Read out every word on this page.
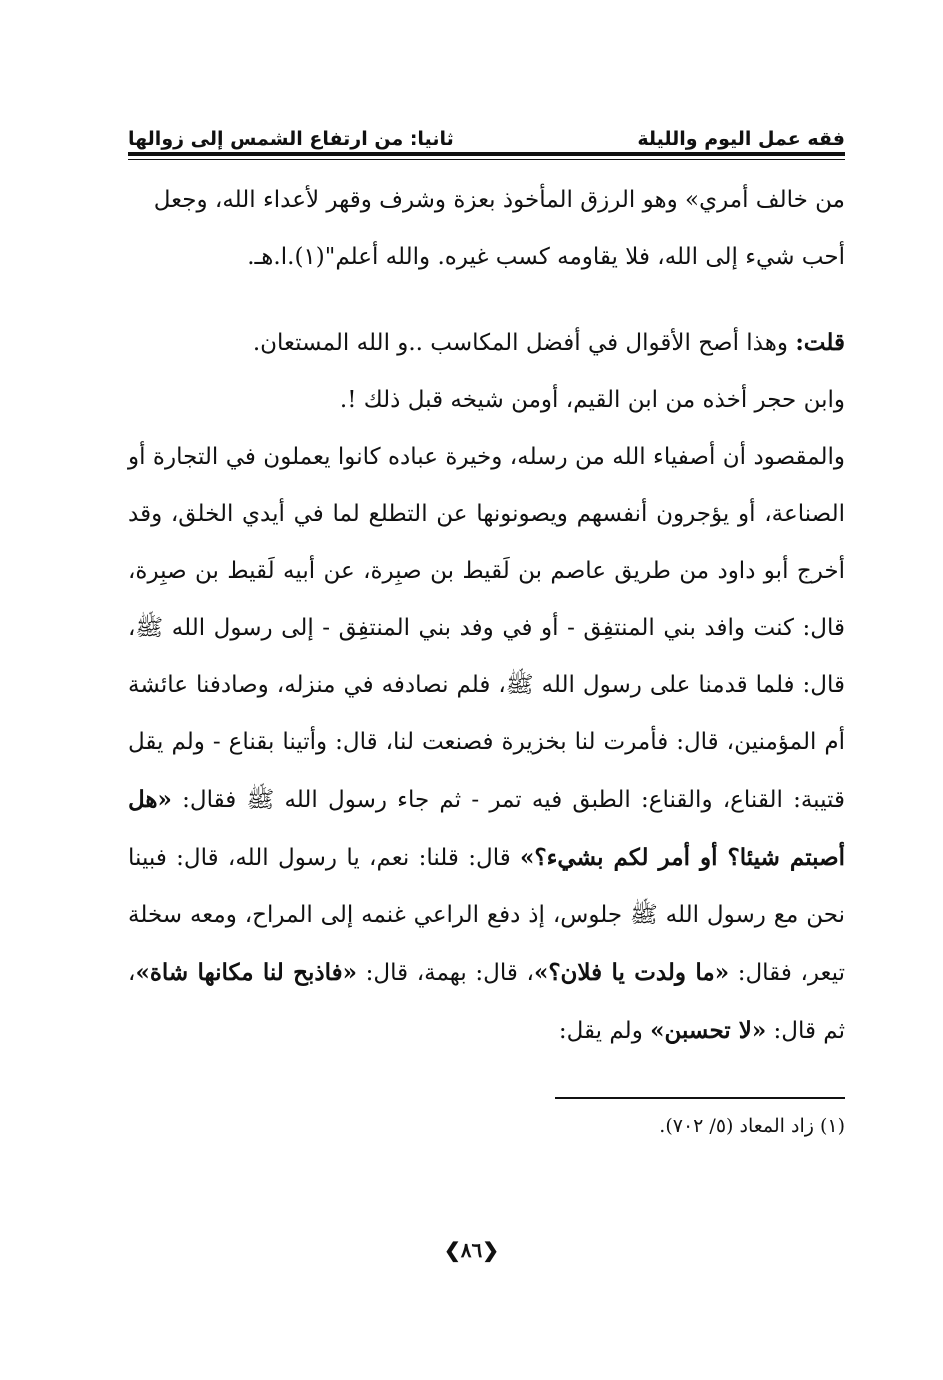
فقه عمل اليوم والليلة
ثانيا: من ارتفاع الشمس إلى زوالها

من خالف أمري» وهو الرزق المأخوذ بعزة وشرف وقهر لأعداء الله، وجعل

أحب شيء إلى الله، فلا يقاومه كسب غيره. والله أعلم"(١).ا.هـ.

قلت: وهذا أصح الأقوال في أفضل المكاسب ..و الله المستعان.

وابن حجر أخذه من ابن القيم، أومن شيخه قبل ذلك !.

والمقصود أن أصفياء الله من رسله، وخيرة عباده كانوا يعملون في التجارة أو الصناعة، أو يؤجرون أنفسهم ويصونونها عن التطلع لما في أيدي الخلق، وقد أخرج أبو داود من طريق عاصم بن لَقيط بن صبِرة، عن أبيه لَقيط بن صبِرة، قال: كنت وافد بني المنتفِق - أو في وفد بني المنتفِق - إلى رسول الله ﷺ، قال: فلما قدمنا على رسول الله ﷺ، فلم نصادفه في منزله، وصادفنا عائشة أم المؤمنين، قال: فأمرت لنا بخزيرة فصنعت لنا، قال: وأتينا بقناع - ولم يقل قتيبة: القناع، والقناع: الطبق فيه تمر - ثم جاء رسول الله ﷺ فقال: «هل أصبتم شيئا؟ أو أمر لكم بشيء؟» قال: قلنا: نعم، يا رسول الله، قال: فبينا نحن مع رسول الله ﷺ جلوس، إذ دفع الراعي غنمه إلى المراح، ومعه سخلة تيعر، فقال: «ما ولدت يا فلان؟»، قال: بهمة، قال: «فاذبح لنا مكانها شاة»، ثم قال: «لا تحسبن» ولم يقل:

(١) زاد المعاد (٥/ ٧٠٢).
❮٨٦❯
